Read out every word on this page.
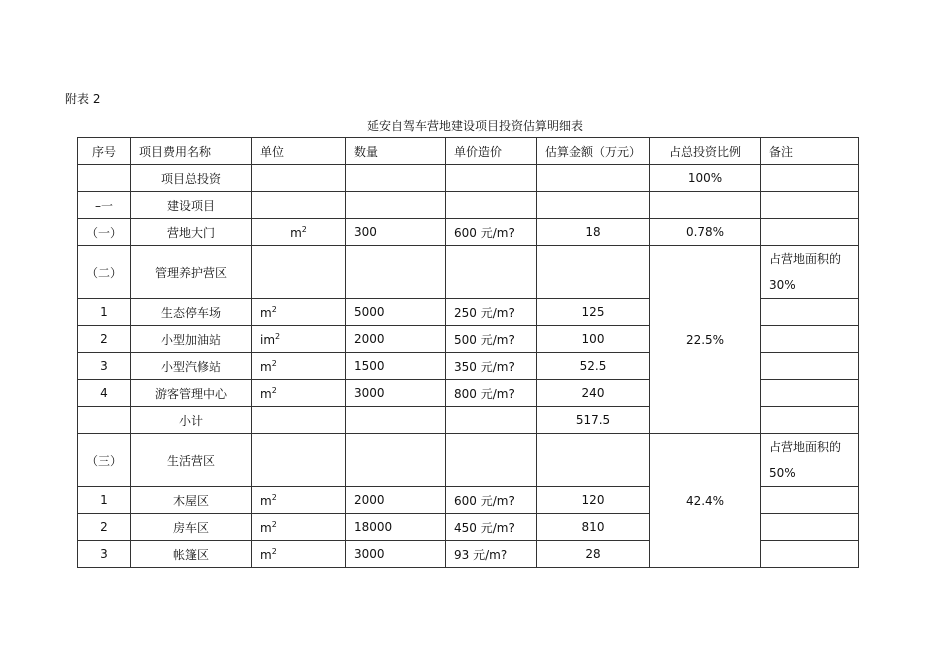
附表 2
延安自驾车营地建设项目投资估算明细表
序号	项目费用名称	单位	数量	单价造价	估算金额（万元）	占总投资比例	备注
	项目总投资					100%	
–一	建设项目						
（一）	营地大门	$m^2$	300	600 元/m?	18	0.78%	
（二）	管理养护营区					22.5%	占营地面积的
30%

1	生态停车场	$m^2$	5000	250 元/m?	125		
2	小型加油站	$im^2$	2000	500 元/m?	100		
3	小型汽修站	$m^2$	1500	350 元/m?	52.5		
4	游客管理中心	$m^2$	3000	800 元/m?	240		
	小计				517.5		
（三）	生活营区					42.4%	占营地面积的
50%

1	木屋区	$m^2$	2000	600 元/m?	120		
2	房车区	$m^2$	18000	450 元/m?	810		
3	帐篷区	$m^2$	3000	93 元/m?	28		
